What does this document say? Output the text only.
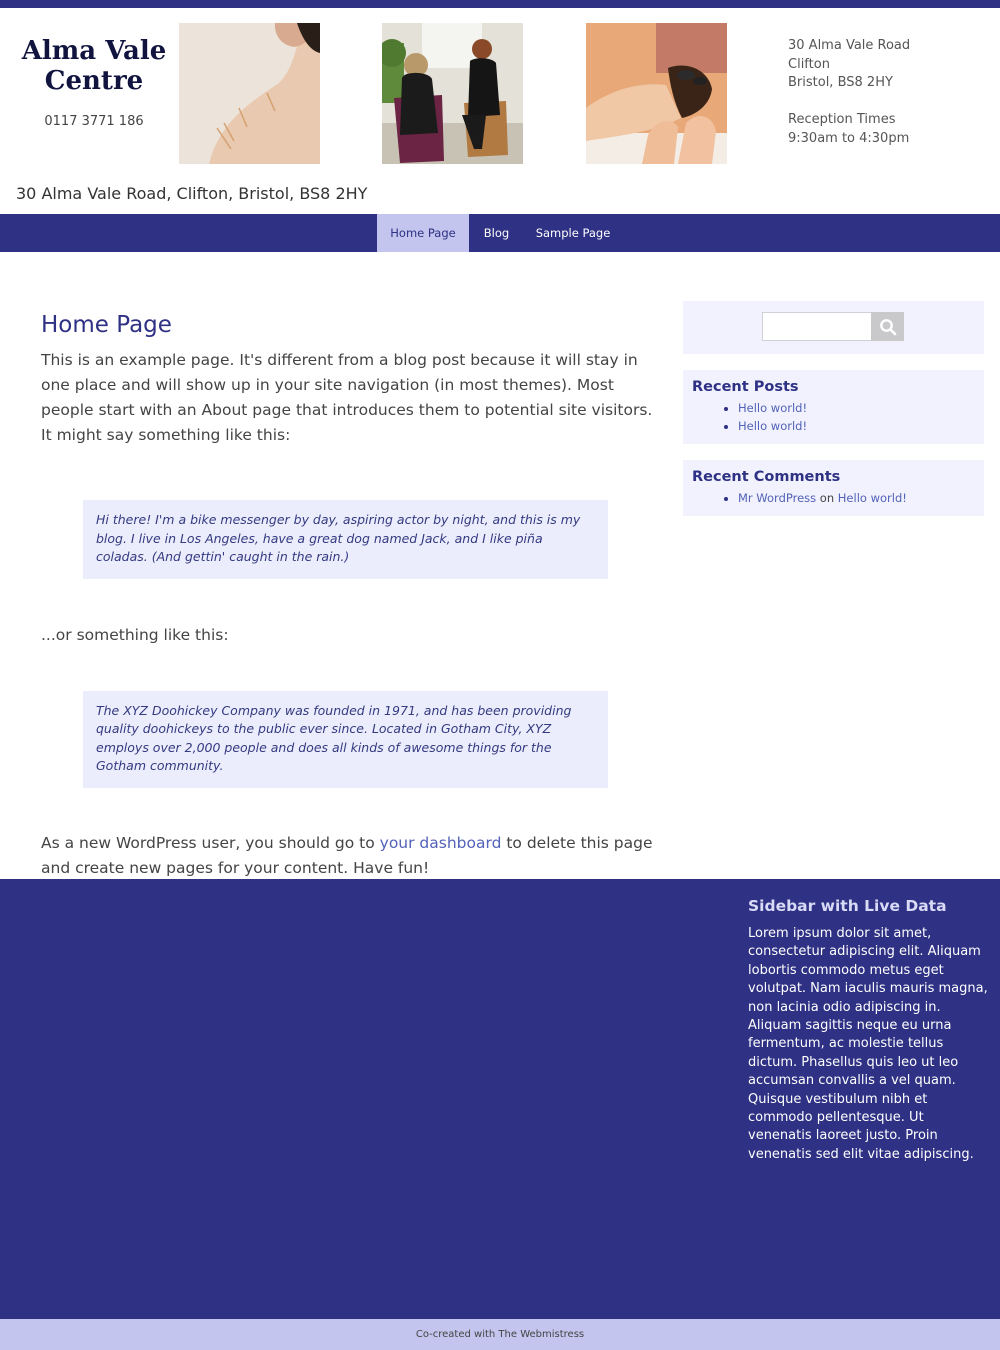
Alma Vale
Centre
0117 3771 186
30 Alma Vale Road
Clifton
Bristol, BS8 2HY
Reception Times
9:30am to 4:30pm
30 Alma Vale Road, Clifton, Bristol, BS8 2HY
Home Page	Blog	Sample Page
Home Page

This is an example page. It's different from a blog post because it will stay in one place and will show up in your site navigation (in most themes). Most people start with an About page that introduces them to potential site visitors. It might say something like this:

Hi there! I'm a bike messenger by day, aspiring actor by night, and this is my blog. I live in Los Angeles, have a great dog named Jack, and I like piña coladas. (And gettin' caught in the rain.)

...or something like this:

The XYZ Doohickey Company was founded in 1971, and has been providing quality doohickeys to the public ever since. Located in Gotham City, XYZ employs over 2,000 people and does all kinds of awesome things for the Gotham community.

As a new WordPress user, you should go to your dashboard to delete this page and create new pages for your content. Have fun!

Recent Posts
• Hello world!
• Hello world!
Recent Comments
• Mr WordPress on Hello world!
Sidebar with Live Data
Lorem ipsum dolor sit amet, consectetur adipiscing elit. Aliquam lobortis commodo metus eget volutpat. Nam iaculis mauris magna, non lacinia odio adipiscing in. Aliquam sagittis neque eu urna fermentum, ac molestie tellus dictum. Phasellus quis leo ut leo accumsan convallis a vel quam. Quisque vestibulum nibh et commodo pellentesque. Ut venenatis laoreet justo. Proin venenatis sed elit vitae adipiscing.
Co-created with The Webmistress
